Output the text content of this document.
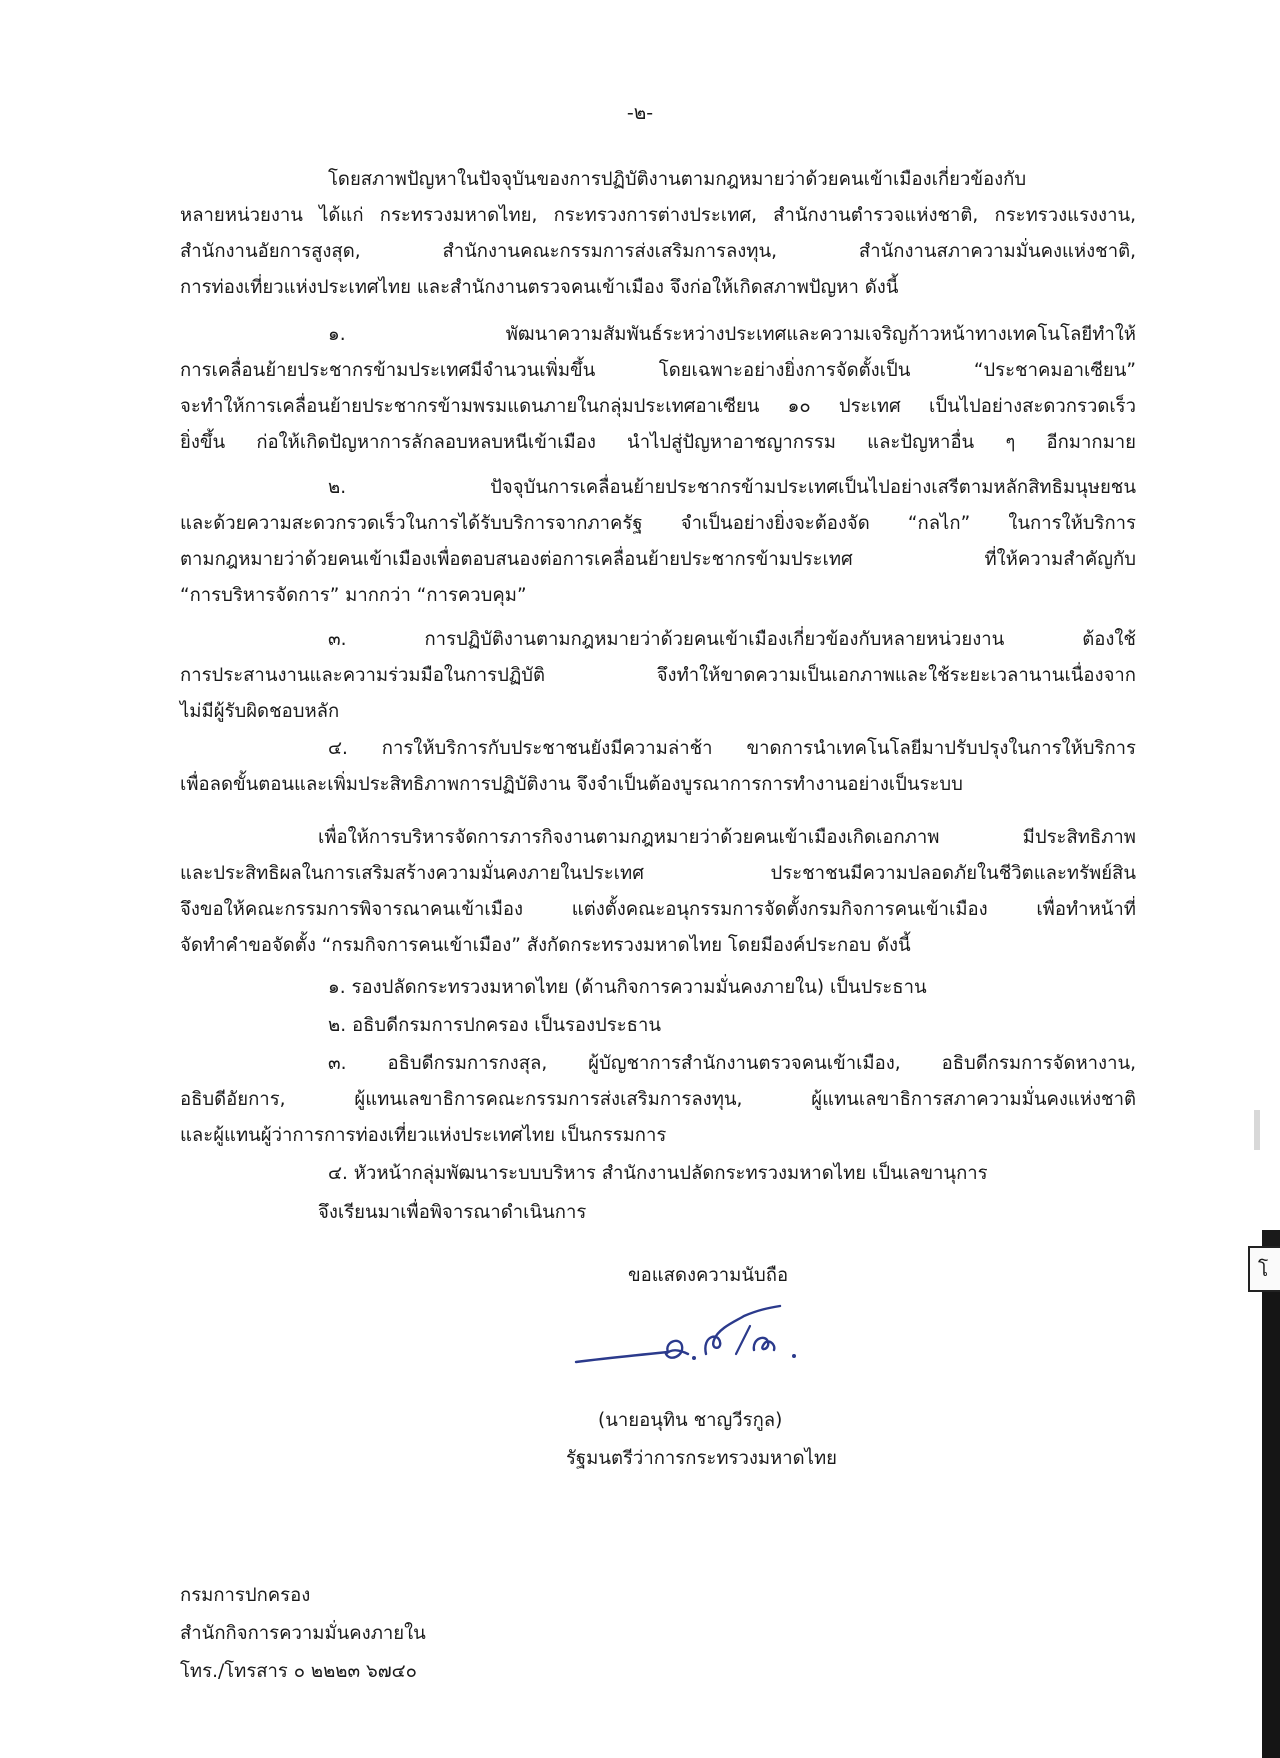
-๒-
โดยสภาพปัญหาในปัจจุบันของการปฏิบัติงานตามกฎหมายว่าด้วยคนเข้าเมืองเกี่ยวข้องกับ
หลายหน่วยงาน ได้แก่ กระทรวงมหาดไทย, กระทรวงการต่างประเทศ, สำนักงานตำรวจแห่งชาติ, กระทรวงแรงงาน,
สำนักงานอัยการสูงสุด, สำนักงานคณะกรรมการส่งเสริมการลงทุน, สำนักงานสภาความมั่นคงแห่งชาติ,
การท่องเที่ยวแห่งประเทศไทย และสำนักงานตรวจคนเข้าเมือง จึงก่อให้เกิดสภาพปัญหา ดังนี้
๑. พัฒนาความสัมพันธ์ระหว่างประเทศและความเจริญก้าวหน้าทางเทคโนโลยีทำให้
การเคลื่อนย้ายประชากรข้ามประเทศมีจำนวนเพิ่มขึ้น โดยเฉพาะอย่างยิ่งการจัดตั้งเป็น “ประชาคมอาเซียน”
จะทำให้การเคลื่อนย้ายประชากรข้ามพรมแดนภายในกลุ่มประเทศอาเซียน ๑๐ ประเทศ เป็นไปอย่างสะดวกรวดเร็ว
ยิ่งขึ้น ก่อให้เกิดปัญหาการลักลอบหลบหนีเข้าเมือง นำไปสู่ปัญหาอาชญากรรม และปัญหาอื่น ๆ อีกมากมาย
๒. ปัจจุบันการเคลื่อนย้ายประชากรข้ามประเทศเป็นไปอย่างเสรีตามหลักสิทธิมนุษยชน
และด้วยความสะดวกรวดเร็วในการได้รับบริการจากภาครัฐ จำเป็นอย่างยิ่งจะต้องจัด “กลไก” ในการให้บริการ
ตามกฎหมายว่าด้วยคนเข้าเมืองเพื่อตอบสนองต่อการเคลื่อนย้ายประชากรข้ามประเทศ ที่ให้ความสำคัญกับ
“การบริหารจัดการ” มากกว่า “การควบคุม”
๓. การปฏิบัติงานตามกฎหมายว่าด้วยคนเข้าเมืองเกี่ยวข้องกับหลายหน่วยงาน ต้องใช้
การประสานงานและความร่วมมือในการปฏิบัติ จึงทำให้ขาดความเป็นเอกภาพและใช้ระยะเวลานานเนื่องจาก
ไม่มีผู้รับผิดชอบหลัก
๔. การให้บริการกับประชาชนยังมีความล่าช้า ขาดการนำเทคโนโลยีมาปรับปรุงในการให้บริการ
เพื่อลดขั้นตอนและเพิ่มประสิทธิภาพการปฏิบัติงาน จึงจำเป็นต้องบูรณาการการทำงานอย่างเป็นระบบ
เพื่อให้การบริหารจัดการภารกิจงานตามกฎหมายว่าด้วยคนเข้าเมืองเกิดเอกภาพ มีประสิทธิภาพ
และประสิทธิผลในการเสริมสร้างความมั่นคงภายในประเทศ ประชาชนมีความปลอดภัยในชีวิตและทรัพย์สิน
จึงขอให้คณะกรรมการพิจารณาคนเข้าเมือง แต่งตั้งคณะอนุกรรมการจัดตั้งกรมกิจการคนเข้าเมือง เพื่อทำหน้าที่
จัดทำคำขอจัดตั้ง “กรมกิจการคนเข้าเมือง” สังกัดกระทรวงมหาดไทย โดยมีองค์ประกอบ ดังนี้
๑. รองปลัดกระทรวงมหาดไทย (ด้านกิจการความมั่นคงภายใน) เป็นประธาน
๒. อธิบดีกรมการปกครอง เป็นรองประธาน
๓. อธิบดีกรมการกงสุล, ผู้บัญชาการสำนักงานตรวจคนเข้าเมือง, อธิบดีกรมการจัดหางาน,
อธิบดีอัยการ, ผู้แทนเลขาธิการคณะกรรมการส่งเสริมการลงทุน, ผู้แทนเลขาธิการสภาความมั่นคงแห่งชาติ
และผู้แทนผู้ว่าการการท่องเที่ยวแห่งประเทศไทย เป็นกรรมการ
๔. หัวหน้ากลุ่มพัฒนาระบบบริหาร สำนักงานปลัดกระทรวงมหาดไทย เป็นเลขานุการ
จึงเรียนมาเพื่อพิจารณาดำเนินการ
ขอแสดงความนับถือ
(นายอนุทิน ชาญวีรกูล)
รัฐมนตรีว่าการกระทรวงมหาดไทย
กรมการปกครอง
สำนักกิจการความมั่นคงภายใน
โทร./โทรสาร ๐ ๒๒๒๓ ๖๗๔๐
โ
